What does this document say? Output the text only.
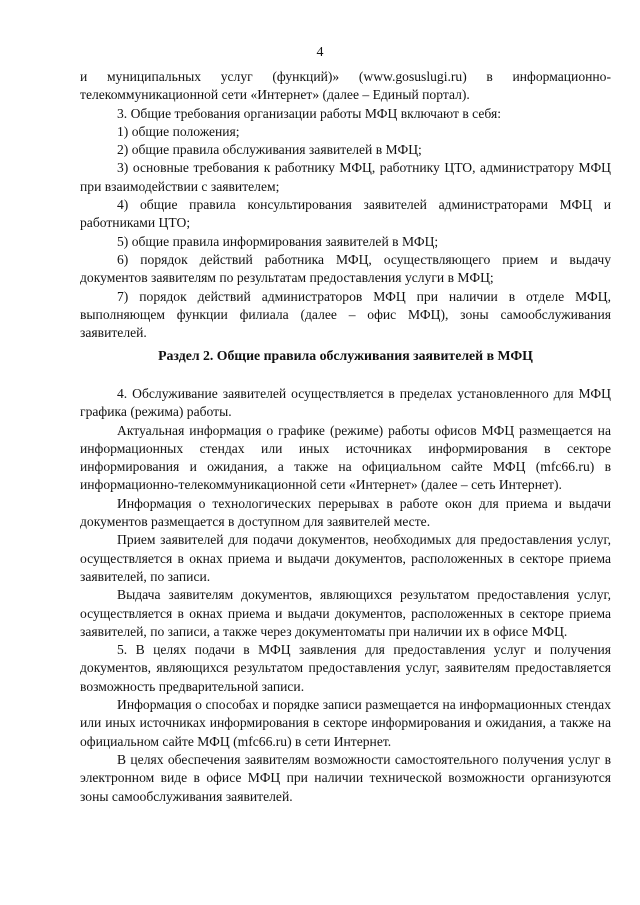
4

и муниципальных услуг (функций)» (www.gosuslugi.ru) в информационно-телекоммуникационной сети «Интернет» (далее – Единый портал).

3. Общие требования организации работы МФЦ включают в себя:

1) общие положения;

2) общие правила обслуживания заявителей в МФЦ;

3) основные требования к работнику МФЦ, работнику ЦТО, администратору МФЦ при взаимодействии с заявителем;

4) общие правила консультирования заявителей администраторами МФЦ и работниками ЦТО;

5) общие правила информирования заявителей в МФЦ;

6) порядок действий работника МФЦ, осуществляющего прием и выдачу документов заявителям по результатам предоставления услуги в МФЦ;

7) порядок действий администраторов МФЦ при наличии в отделе МФЦ, выполняющем функции филиала (далее – офис МФЦ), зоны самообслуживания заявителей.

Раздел 2. Общие правила обслуживания заявителей в МФЦ

4. Обслуживание заявителей осуществляется в пределах установленного для МФЦ графика (режима) работы.

Актуальная информация о графике (режиме) работы офисов МФЦ размещается на информационных стендах или иных источниках информирования в секторе информирования и ожидания, а также на официальном сайте МФЦ (mfc66.ru) в информационно-телекоммуникационной сети «Интернет» (далее – сеть Интернет).

Информация о технологических перерывах в работе окон для приема и выдачи документов размещается в доступном для заявителей месте.

Прием заявителей для подачи документов, необходимых для предоставления услуг, осуществляется в окнах приема и выдачи документов, расположенных в секторе приема заявителей, по записи.

Выдача заявителям документов, являющихся результатом предоставления услуг, осуществляется в окнах приема и выдачи документов, расположенных в секторе приема заявителей, по записи, а также через документоматы при наличии их в офисе МФЦ.

5. В целях подачи в МФЦ заявления для предоставления услуг и получения документов, являющихся результатом предоставления услуг, заявителям предоставляется возможность предварительной записи.

Информация о способах и порядке записи размещается на информационных стендах или иных источниках информирования в секторе информирования и ожидания, а также на официальном сайте МФЦ (mfc66.ru) в сети Интернет.

В целях обеспечения заявителям возможности самостоятельного получения услуг в электронном виде в офисе МФЦ при наличии технической возможности организуются зоны самообслуживания заявителей.
